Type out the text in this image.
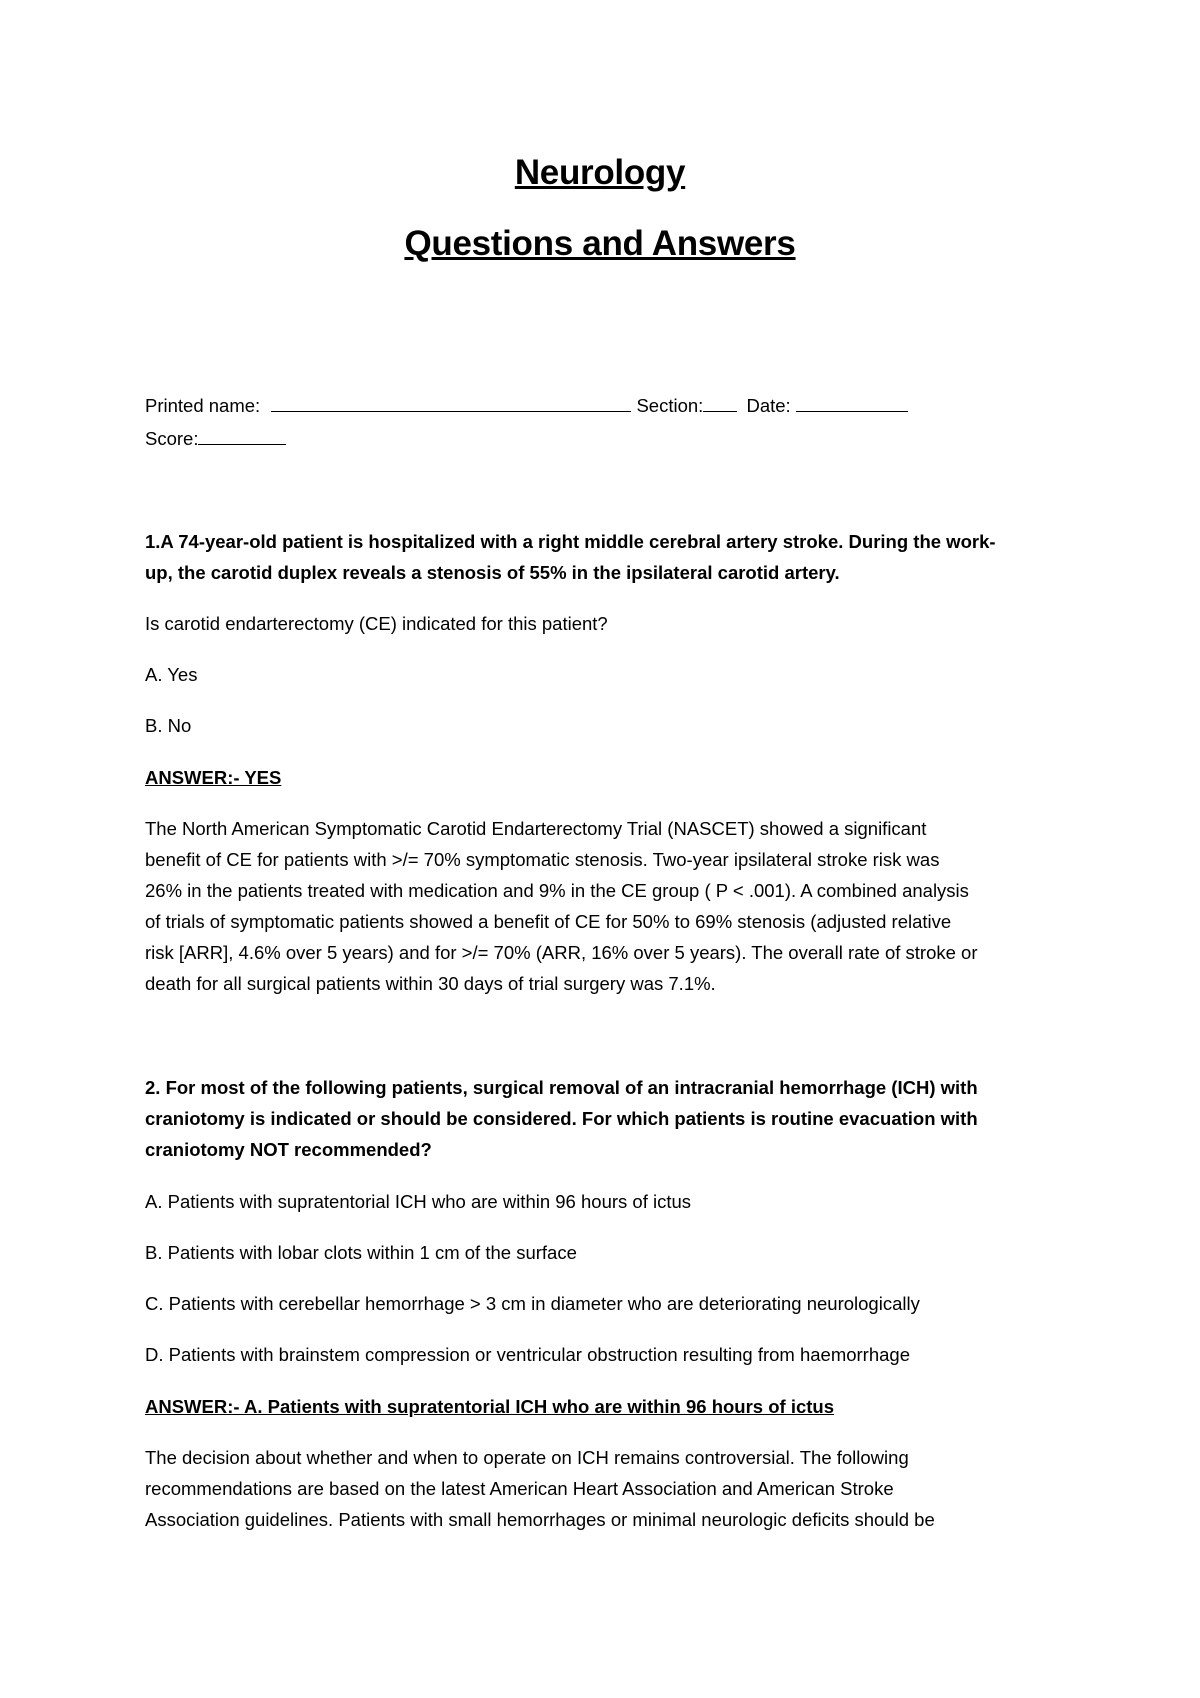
Neurology
Questions and Answers
Printed name:	Section: Date:
Score:
1.A 74-year-old patient is hospitalized with a right middle cerebral artery stroke. During the work-
up, the carotid duplex reveals a stenosis of 55% in the ipsilateral carotid artery.
Is carotid endarterectomy (CE) indicated for this patient?
A. Yes
B. No
ANSWER:- YES
The North American Symptomatic Carotid Endarterectomy Trial (NASCET) showed a significant
benefit of CE for patients with >/= 70% symptomatic stenosis. Two-year ipsilateral stroke risk was
26% in the patients treated with medication and 9% in the CE group ( P < .001). A combined analysis
of trials of symptomatic patients showed a benefit of CE for 50% to 69% stenosis (adjusted relative
risk [ARR], 4.6% over 5 years) and for >/= 70% (ARR, 16% over 5 years). The overall rate of stroke or
death for all surgical patients within 30 days of trial surgery was 7.1%.
2. For most of the following patients, surgical removal of an intracranial hemorrhage (ICH) with
craniotomy is indicated or should be considered. For which patients is routine evacuation with
craniotomy NOT recommended?
A. Patients with supratentorial ICH who are within 96 hours of ictus
B. Patients with lobar clots within 1 cm of the surface
C. Patients with cerebellar hemorrhage > 3 cm in diameter who are deteriorating neurologically
D. Patients with brainstem compression or ventricular obstruction resulting from haemorrhage
ANSWER:- A. Patients with supratentorial ICH who are within 96 hours of ictus
The decision about whether and when to operate on ICH remains controversial. The following
recommendations are based on the latest American Heart Association and American Stroke
Association guidelines. Patients with small hemorrhages or minimal neurologic deficits should be
